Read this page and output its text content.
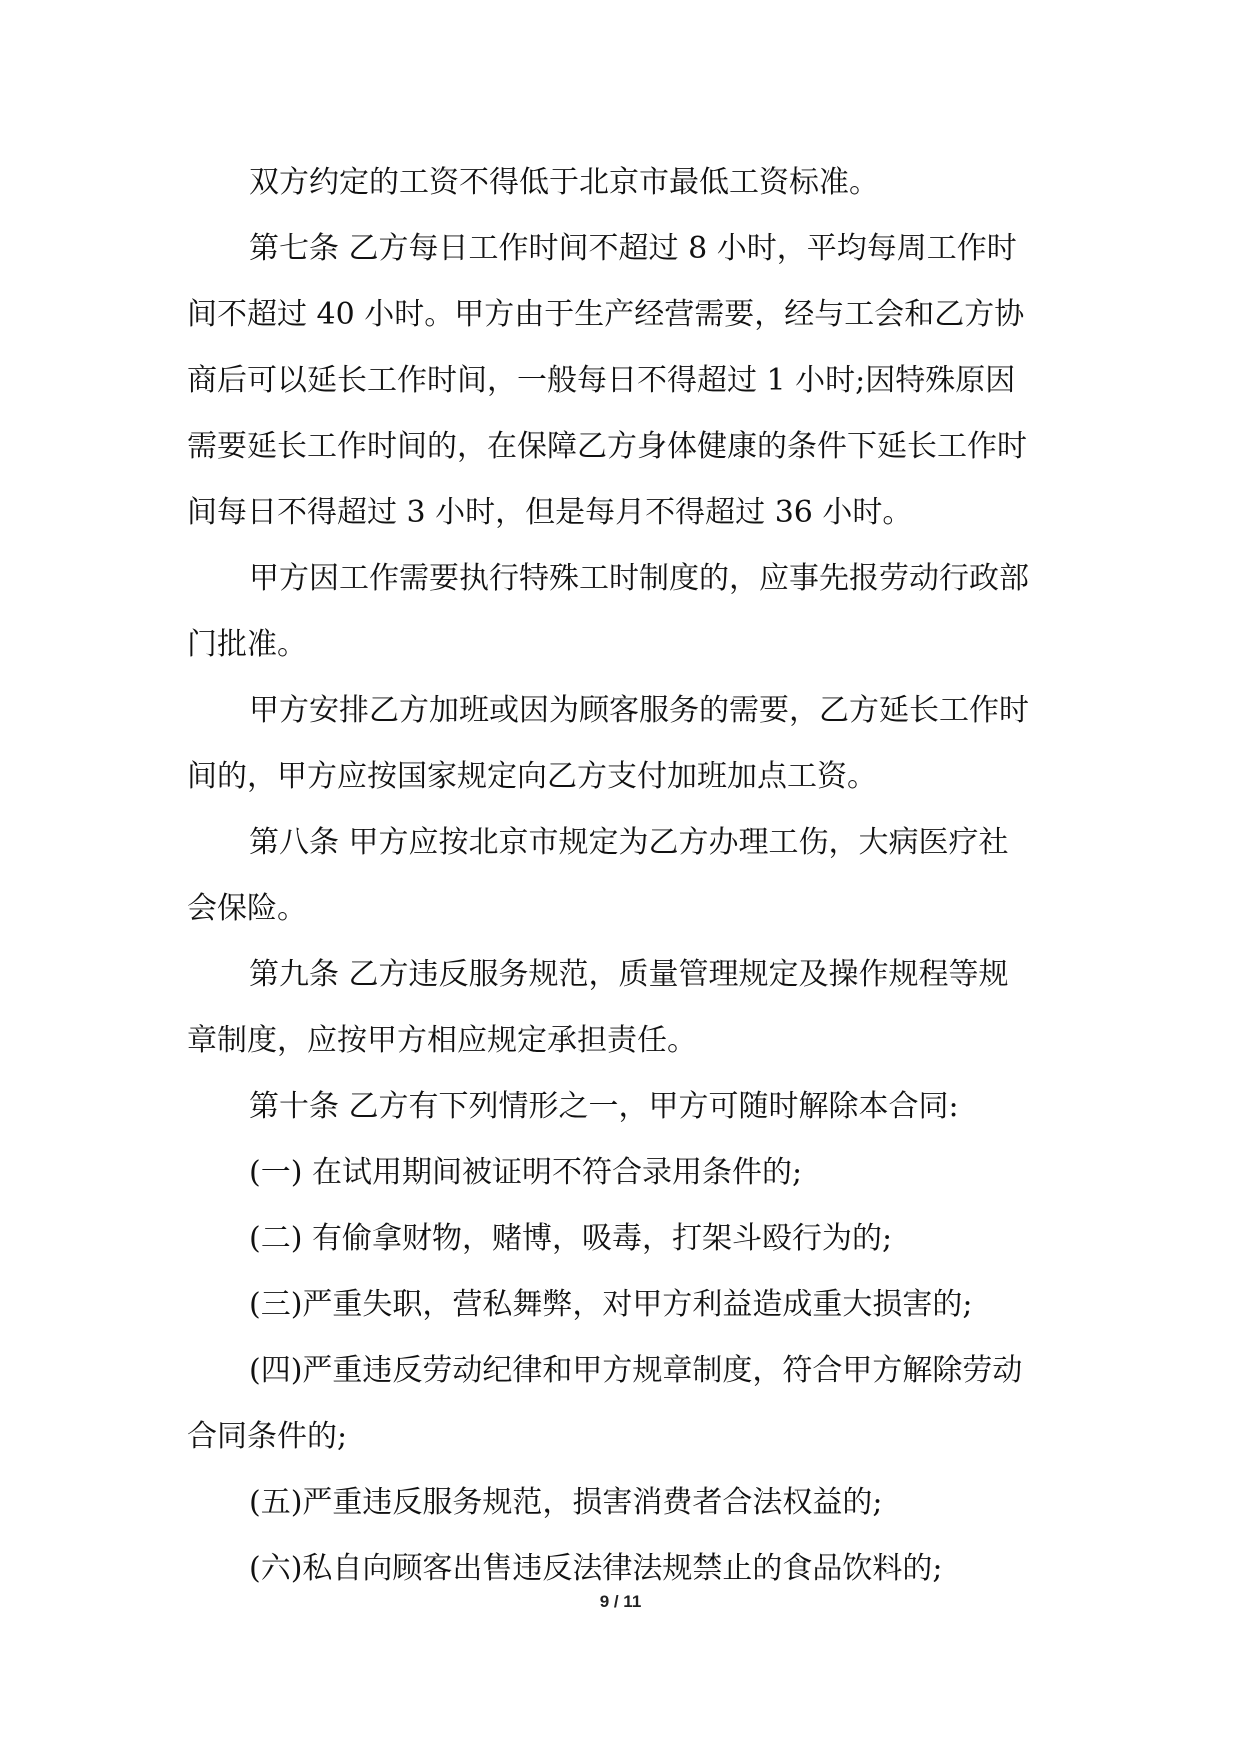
双方约定的工资不得低于北京市最低工资标准。
第七条 乙方每日工作时间不超过 8 小时，平均每周工作时
间不超过 40 小时。甲方由于生产经营需要，经与工会和乙方协
商后可以延长工作时间，一般每日不得超过 1 小时;因特殊原因
需要延长工作时间的，在保障乙方身体健康的条件下延长工作时
间每日不得超过 3 小时，但是每月不得超过 36 小时。
甲方因工作需要执行特殊工时制度的，应事先报劳动行政部
门批准。
甲方安排乙方加班或因为顾客服务的需要，乙方延长工作时
间的，甲方应按国家规定向乙方支付加班加点工资。
第八条 甲方应按北京市规定为乙方办理工伤，大病医疗社
会保险。
第九条 乙方违反服务规范，质量管理规定及操作规程等规
章制度，应按甲方相应规定承担责任。
第十条 乙方有下列情形之一，甲方可随时解除本合同:
(一) 在试用期间被证明不符合录用条件的;
(二) 有偷拿财物，赌博，吸毒，打架斗殴行为的;
(三)严重失职，营私舞弊，对甲方利益造成重大损害的;
(四)严重违反劳动纪律和甲方规章制度，符合甲方解除劳动
合同条件的;
(五)严重违反服务规范，损害消费者合法权益的;
(六)私自向顾客出售违反法律法规禁止的食品饮料的;
9 / 11
